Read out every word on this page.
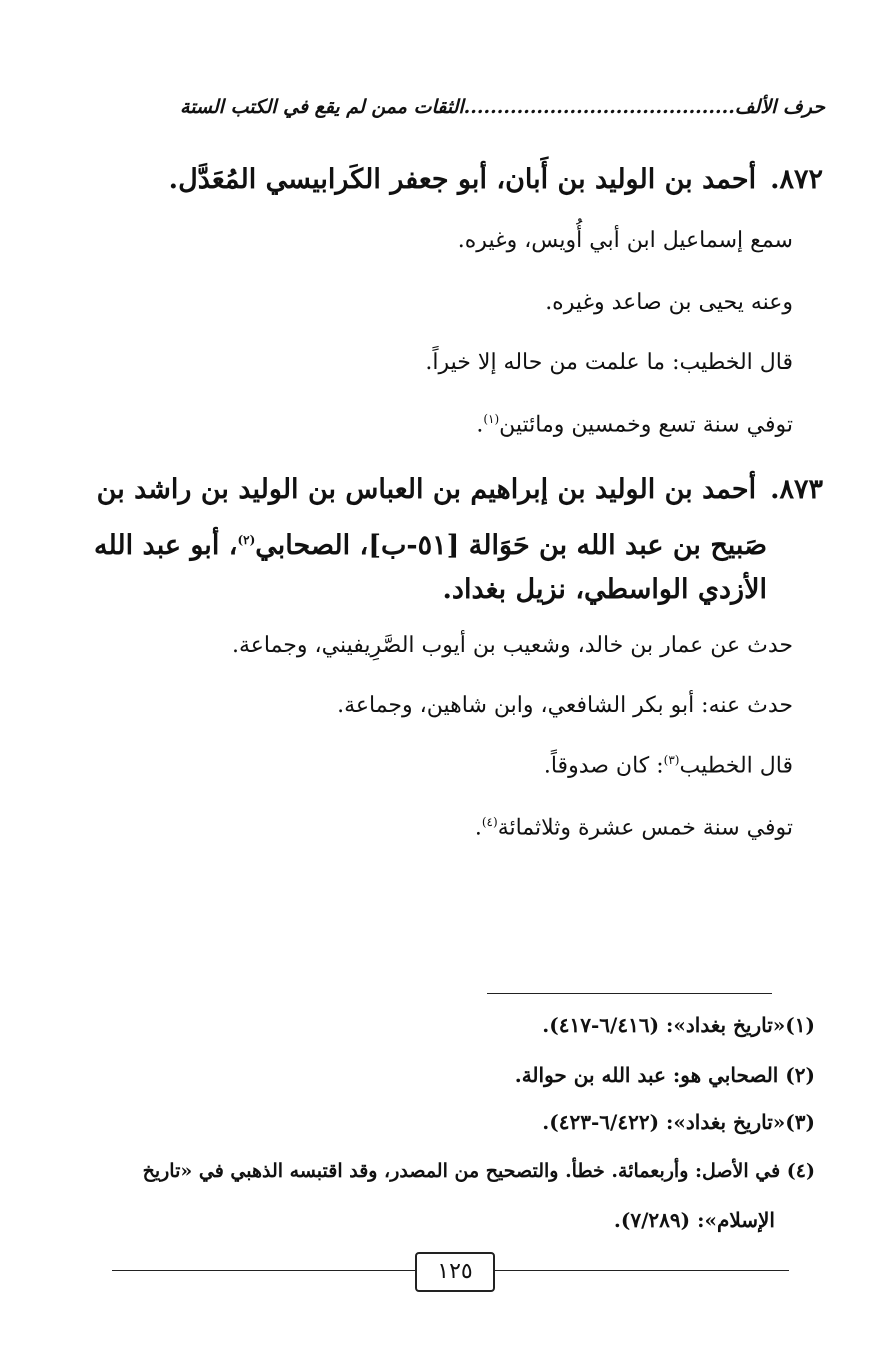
حرف الألف.........................................الثقات ممن لم يقع في الكتب الستة
٨٧٢.أحمد بن الوليد بن أَبان، أبو جعفر الكَرابيسي المُعَدَّل.
سمع إسماعيل ابن أبي أُويس، وغيره.
وعنه يحيى بن صاعد وغيره.
قال الخطيب: ما علمت من حاله إلا خيراً.
توفي سنة تسع وخمسين ومائتين$^{(١)}$.
٨٧٣.أحمد بن الوليد بن إبراهيم بن العباس بن الوليد بن راشد بن
صَبيح بن عبد الله بن حَوَالة [٥١-ب]، الصحابي$^{(٢)}$، أبو عبد الله
الأزدي الواسطي، نزيل بغداد.
حدث عن عمار بن خالد، وشعيب بن أيوب الصَّرِيفيني، وجماعة.
حدث عنه: أبو بكر الشافعي، وابن شاهين، وجماعة.
قال الخطيب$^{(٣)}$: كان صدوقاً.
توفي سنة خمس عشرة وثلاثمائة$^{(٤)}$.
(١)«تاريخ بغداد»: (٦/٤١٦-٤١٧).
(٢) الصحابي هو: عبد الله بن حوالة.
(٣)«تاريخ بغداد»: (٦/٤٢٢-٤٢٣).
(٤) في الأصل: وأربعمائة. خطأ. والتصحيح من المصدر، وقد اقتبسه الذهبي في «تاريخ
الإسلام»: (٧/٢٨٩).
١٢٥
